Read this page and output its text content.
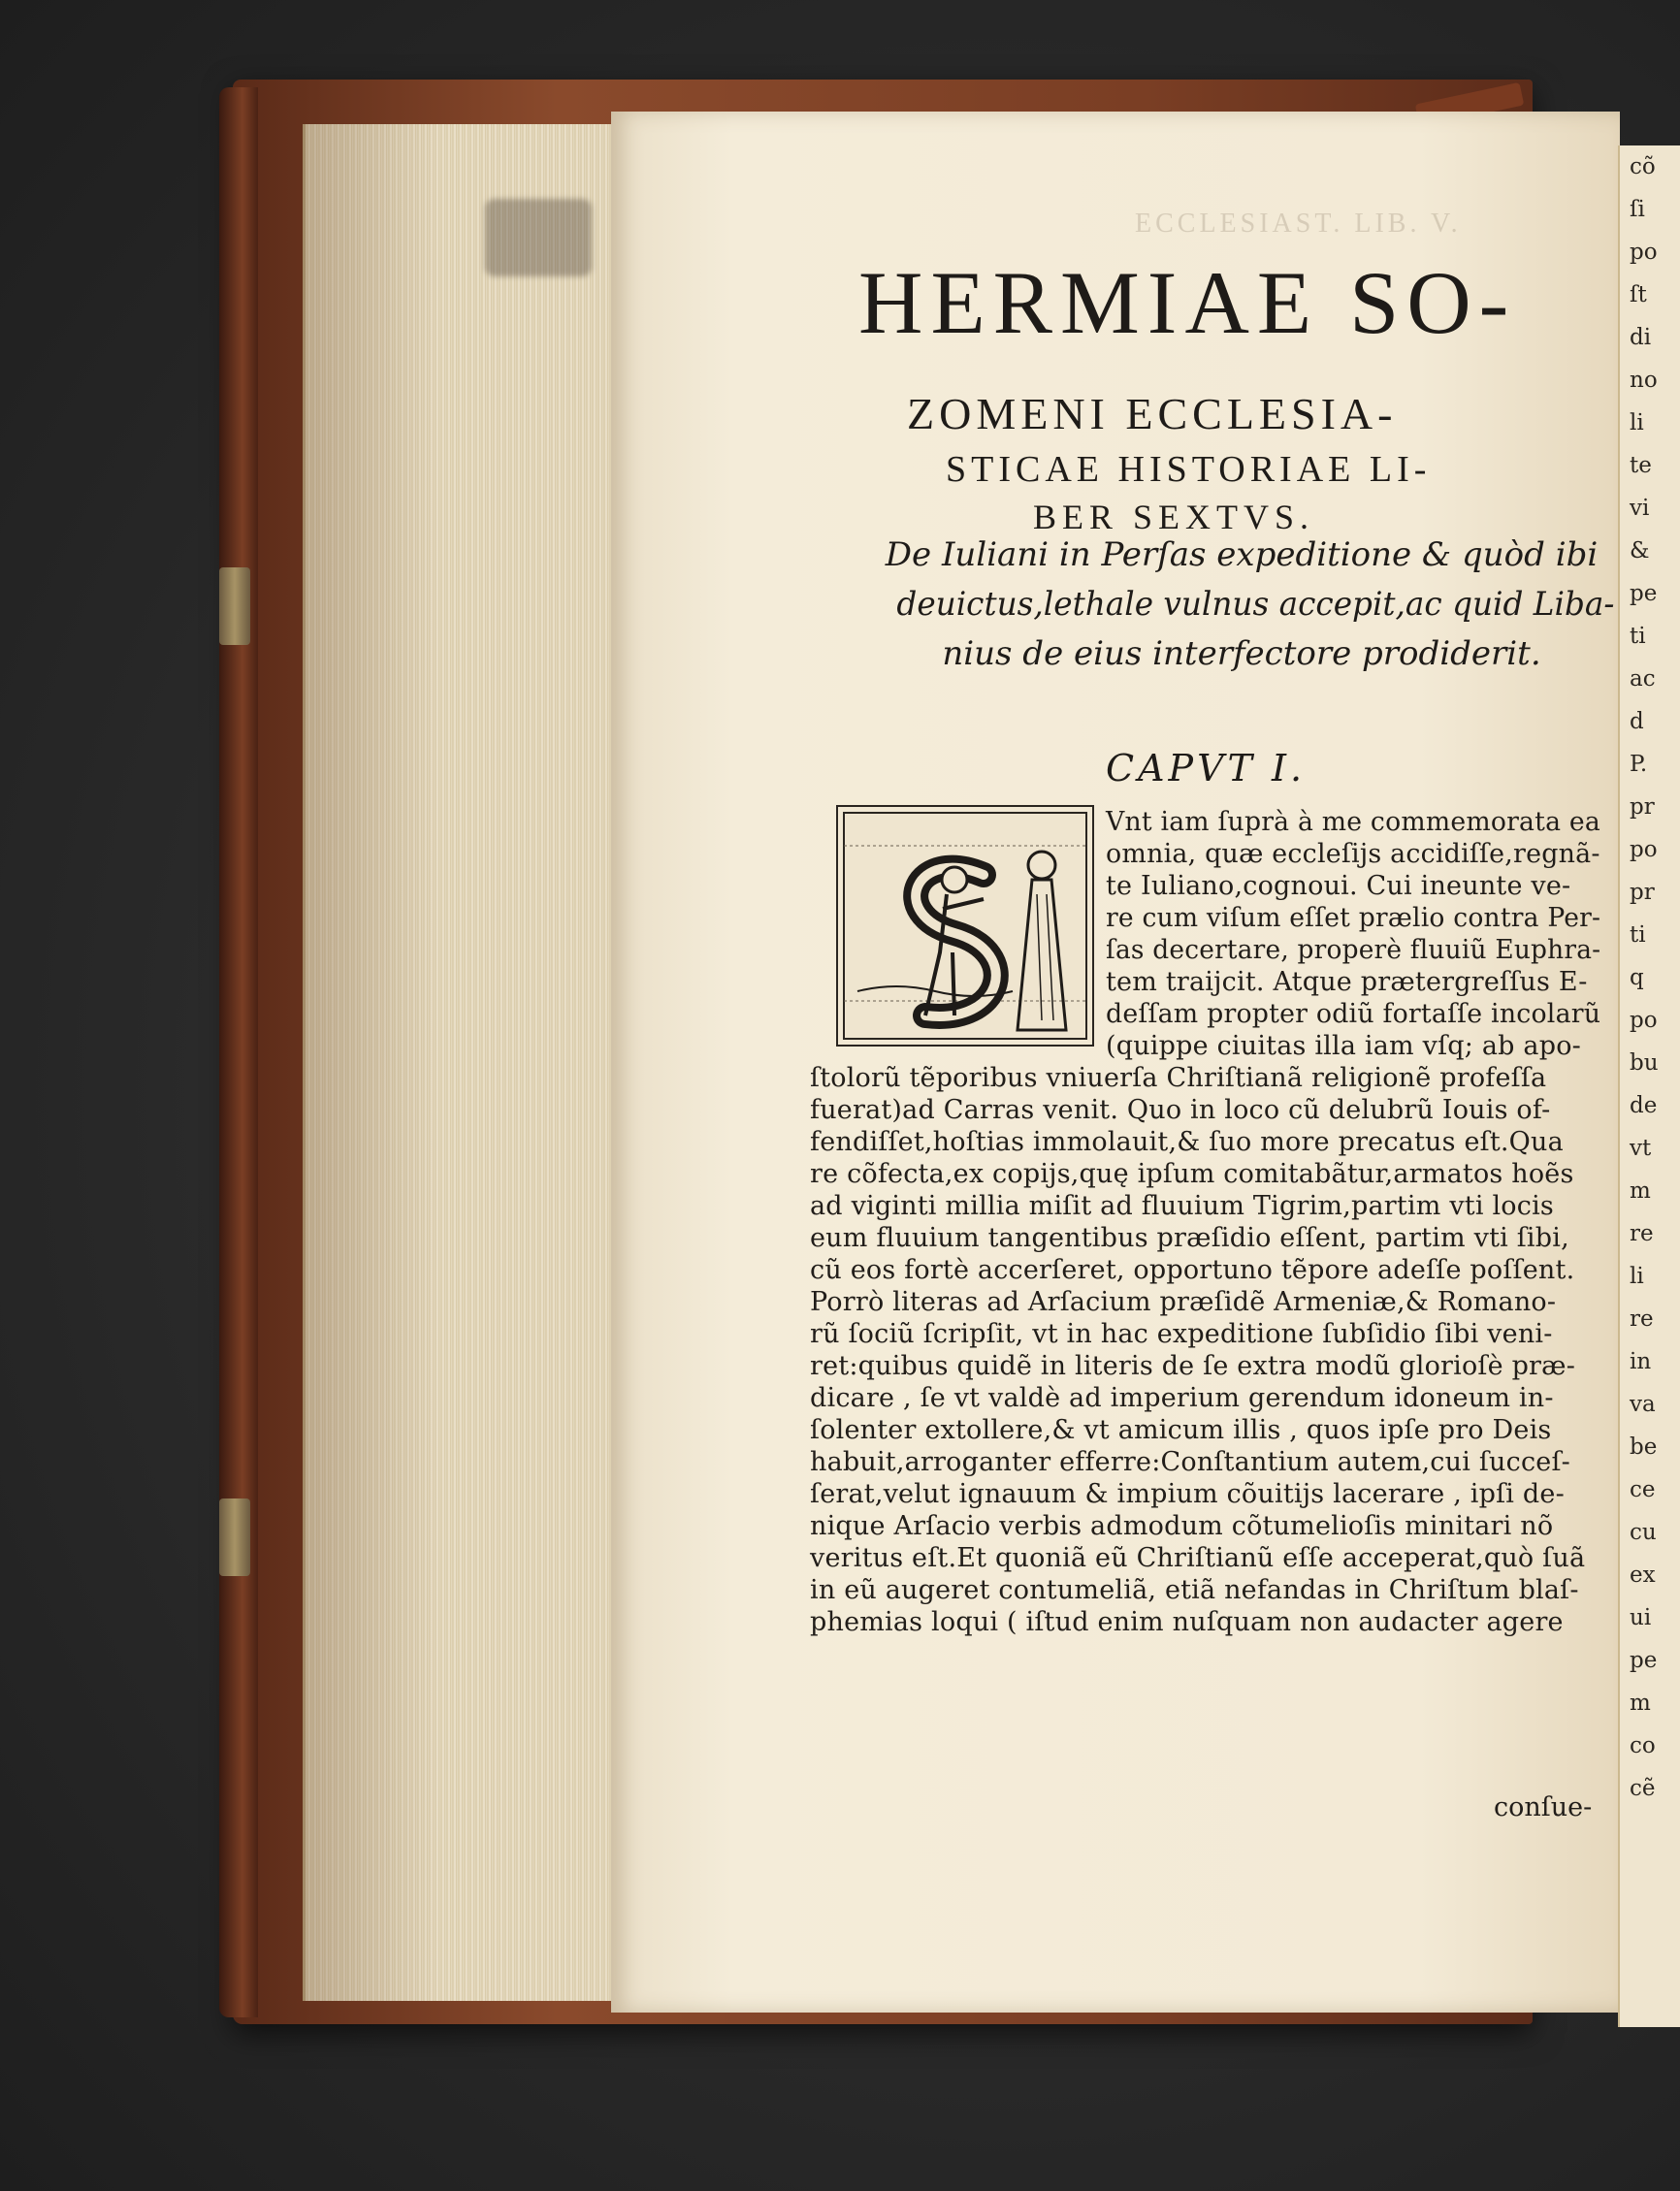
cõ
ſi
po
ſt
di
no
li
te
vi
&
pe
ti
ac
d
P.
pr
po
pr
ti
q
po
bu
de
vt
m
re
li
re
in
va
be
ce
cu
ex
ui
pe
m
co
cẽ
ECCLESIAST. LIB. V.
HERMIAE SO-
ZOMENI ECCLESIA-
STICAE HISTORIAE LI-
BER SEXTVS.
De Iuliani in Perſas expeditione & quòd ibi
deuictus,lethale vulnus accepit,ac quid Liba-
nius de eius interfectore prodiderit.
CAPVT I.
Vnt iam ſuprà à me commemorata ea
omnia, quæ eccleſijs accidiſſe,regnã-
te Iuliano,cognoui. Cui ineunte ve-
re cum viſum eſſet prælio contra Per-
ſas decertare, properè fluuiũ Euphra-
tem traijcit. Atque prætergreſſus E-
deſſam propter odiũ fortaſſe incolarũ
(quippe ciuitas illa iam vſq; ab apo-
ſtolorũ tẽporibus vniuerſa Chriſtianã religionẽ profeſſa
fuerat)ad Carras venit. Quo in loco cũ delubrũ Iouis of-
fendiſſet,hoſtias immolauit,& ſuo more precatus eſt.Qua
re cõfecta,ex copijs,quę ipſum comitabãtur,armatos hoẽs
ad viginti millia miſit ad fluuium Tigrim,partim vti locis
eum fluuium tangentibus præſidio eſſent, partim vti ſibi,
cũ eos fortè accerſeret, opportuno tẽpore adeſſe poſſent.
Porrò literas ad Arſacium præſidẽ Armeniæ,& Romano-
rũ ſociũ ſcripſit, vt in hac expeditione ſubſidio ſibi veni-
ret:quibus quidẽ in literis de ſe extra modũ glorioſè præ-
dicare , ſe vt valdè ad imperium gerendum idoneum in-
ſolenter extollere,& vt amicum illis , quos ipſe pro Deis
habuit,arroganter efferre:Conſtantium autem,cui ſucceſ-
ſerat,velut ignauum & impium cõuitijs lacerare , ipſi de-
nique Arſacio verbis admodum cõtumelioſis minitari nõ
veritus eſt.Et quoniã eũ Chriſtianũ eſſe acceperat,quò ſuã
in eũ augeret contumeliã, etiã nefandas in Chriſtum blaſ-
phemias loqui ( iſtud enim nuſquam non audacter agere
conſue-
